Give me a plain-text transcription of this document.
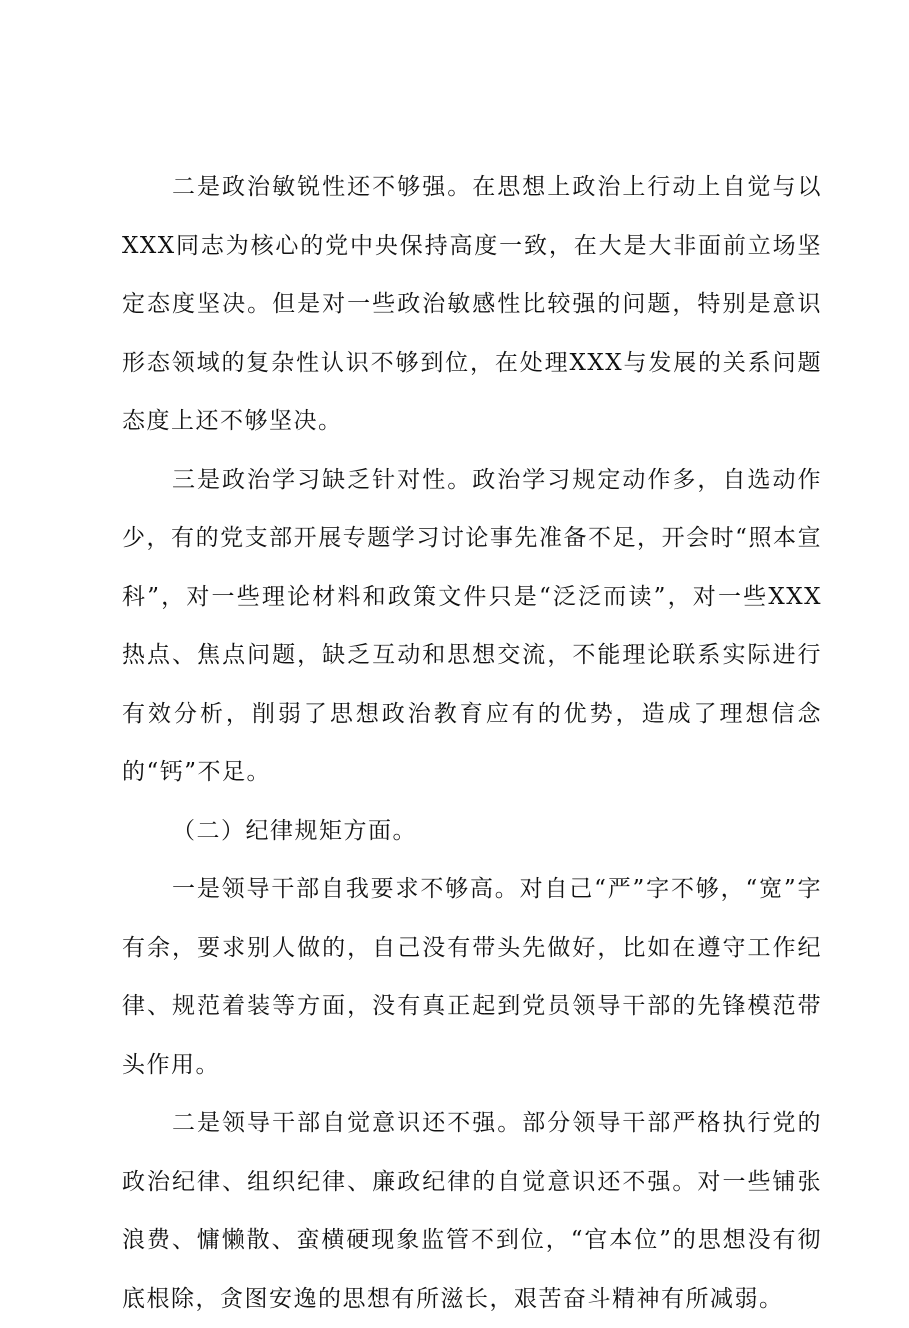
二是政治敏锐性还不够强。在思想上政治上行动上自觉与以XXX同志为核心的党中央保持高度一致，在大是大非面前立场坚定态度坚决。但是对一些政治敏感性比较强的问题，特别是意识形态领域的复杂性认识不够到位，在处理XXX与发展的关系问题态度上还不够坚决。

三是政治学习缺乏针对性。政治学习规定动作多，自选动作少，有的党支部开展专题学习讨论事先准备不足，开会时“照本宣科”，对一些理论材料和政策文件只是“泛泛而读”，对一些XXX热点、焦点问题，缺乏互动和思想交流，不能理论联系实际进行有效分析，削弱了思想政治教育应有的优势，造成了理想信念的“钙”不足。

（二）纪律规矩方面。

一是领导干部自我要求不够高。对自己“严”字不够，“宽”字有余，要求别人做的，自己没有带头先做好，比如在遵守工作纪律、规范着装等方面，没有真正起到党员领导干部的先锋模范带头作用。

二是领导干部自觉意识还不强。部分领导干部严格执行党的政治纪律、组织纪律、廉政纪律的自觉意识还不强。对一些铺张浪费、慵懒散、蛮横硬现象监管不到位，“官本位”的思想没有彻底根除，贪图安逸的思想有所滋长，艰苦奋斗精神有所减弱。
